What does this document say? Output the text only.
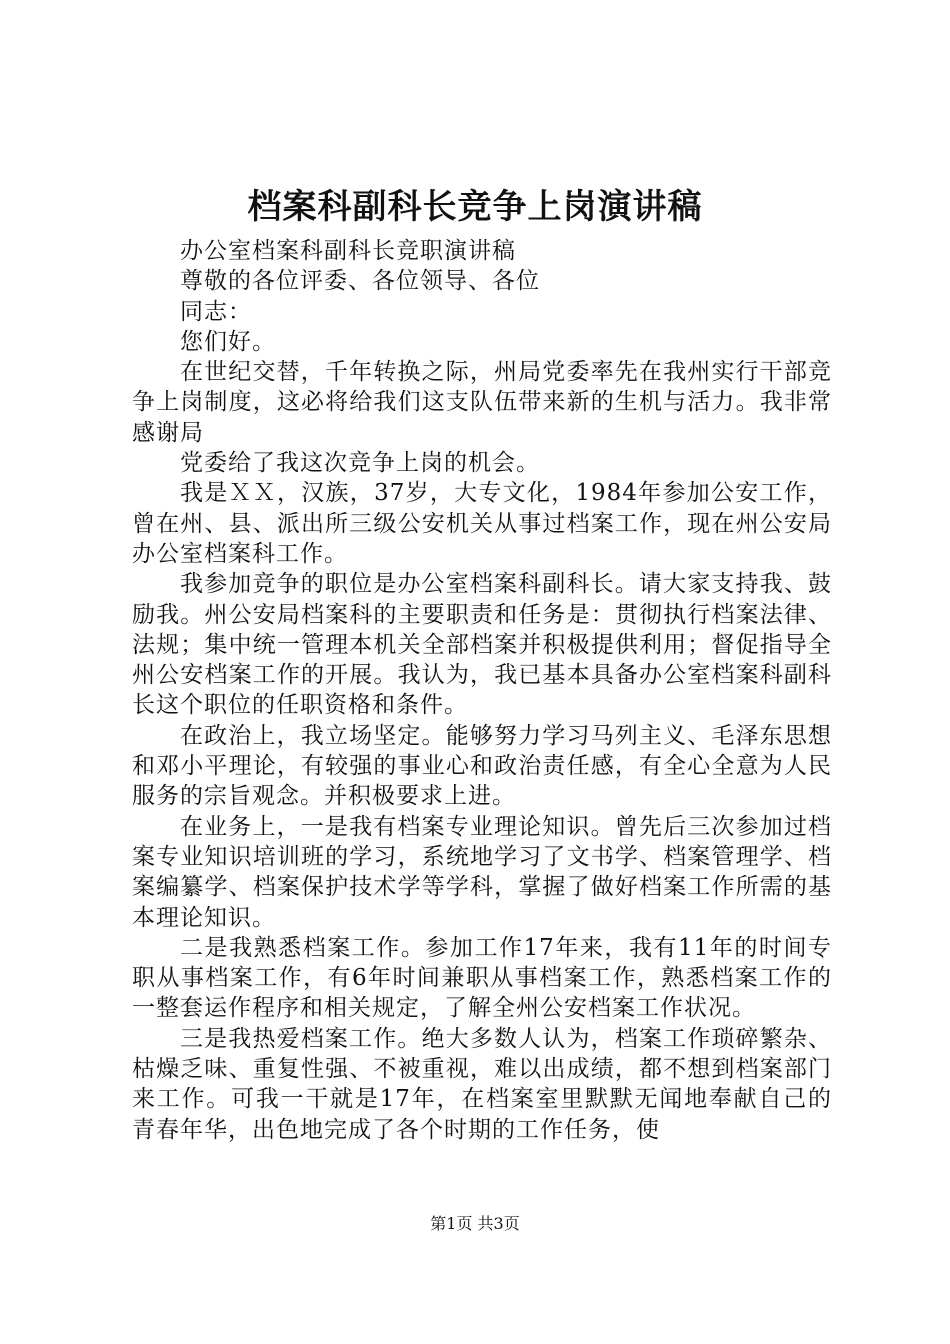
档案科副科长竞争上岗演讲稿

办公室档案科副科长竞职演讲稿

尊敬的各位评委、各位领导、各位

同志：

您们好。

在世纪交替，千年转换之际，州局党委率先在我州实行干部竞争上岗制度，这必将给我们这支队伍带来新的生机与活力。我非常感谢局

党委给了我这次竞争上岗的机会。

我是ＸＸ，汉族，37岁，大专文化，1984年参加公安工作，曾在州、县、派出所三级公安机关从事过档案工作，现在州公安局办公室档案科工作。

我参加竞争的职位是办公室档案科副科长。请大家支持我、鼓励我。州公安局档案科的主要职责和任务是：贯彻执行档案法律、法规；集中统一管理本机关全部档案并积极提供利用；督促指导全州公安档案工作的开展。我认为，我已基本具备办公室档案科副科长这个职位的任职资格和条件。

在政治上，我立场坚定。能够努力学习马列主义、毛泽东思想和邓小平理论，有较强的事业心和政治责任感，有全心全意为人民服务的宗旨观念。并积极要求上进。

在业务上，一是我有档案专业理论知识。曾先后三次参加过档案专业知识培训班的学习，系统地学习了文书学、档案管理学、档案编纂学、档案保护技术学等学科，掌握了做好档案工作所需的基本理论知识。

二是我熟悉档案工作。参加工作17年来，我有11年的时间专职从事档案工作，有6年时间兼职从事档案工作，熟悉档案工作的一整套运作程序和相关规定，了解全州公安档案工作状况。

三是我热爱档案工作。绝大多数人认为，档案工作琐碎繁杂、枯燥乏味、重复性强、不被重视，难以出成绩，都不想到档案部门来工作。可我一干就是17年，在档案室里默默无闻地奉献自己的青春年华，出色地完成了各个时期的工作任务，使

第1页 共3页
